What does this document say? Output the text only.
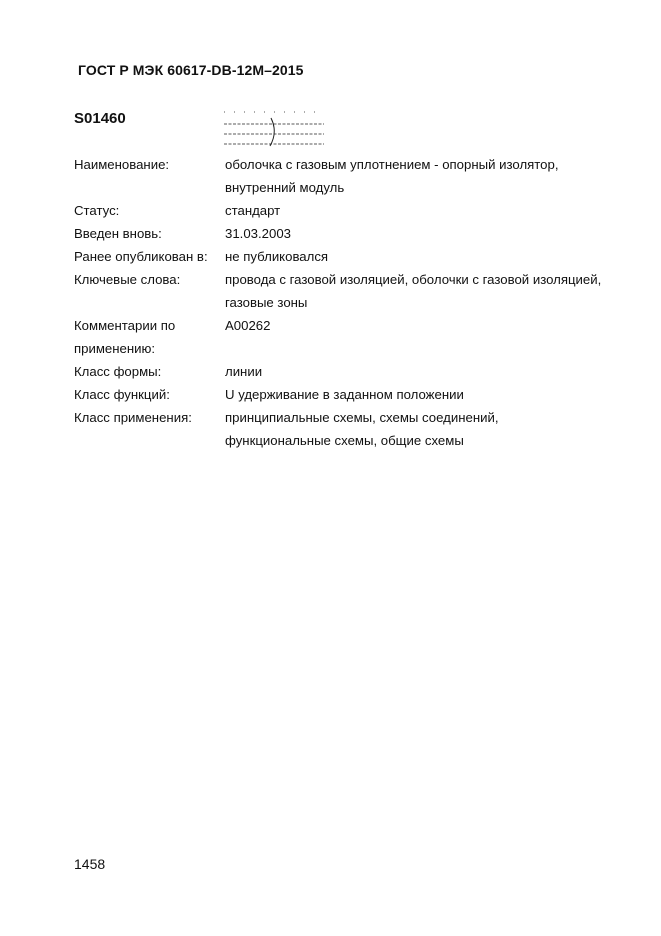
ГОСТ Р МЭК 60617-DB-12M–2015
S01460
Наименование:	оболочка с газовым уплотнением - опорный изолятор, внутренний модуль
Статус:	стандарт
Введен вновь:	31.03.2003
Ранее опубликован в:	не публиковался
Ключевые слова:	провода с газовой изоляцией, оболочки с газовой изоляцией, газовые зоны
Комментарии по применению:
А00262
Класс формы:	линии
Класс функций:	U удерживание в заданном положении
Класс применения:	принципиальные схемы, схемы соединений, функциональные схемы, общие схемы
1458
